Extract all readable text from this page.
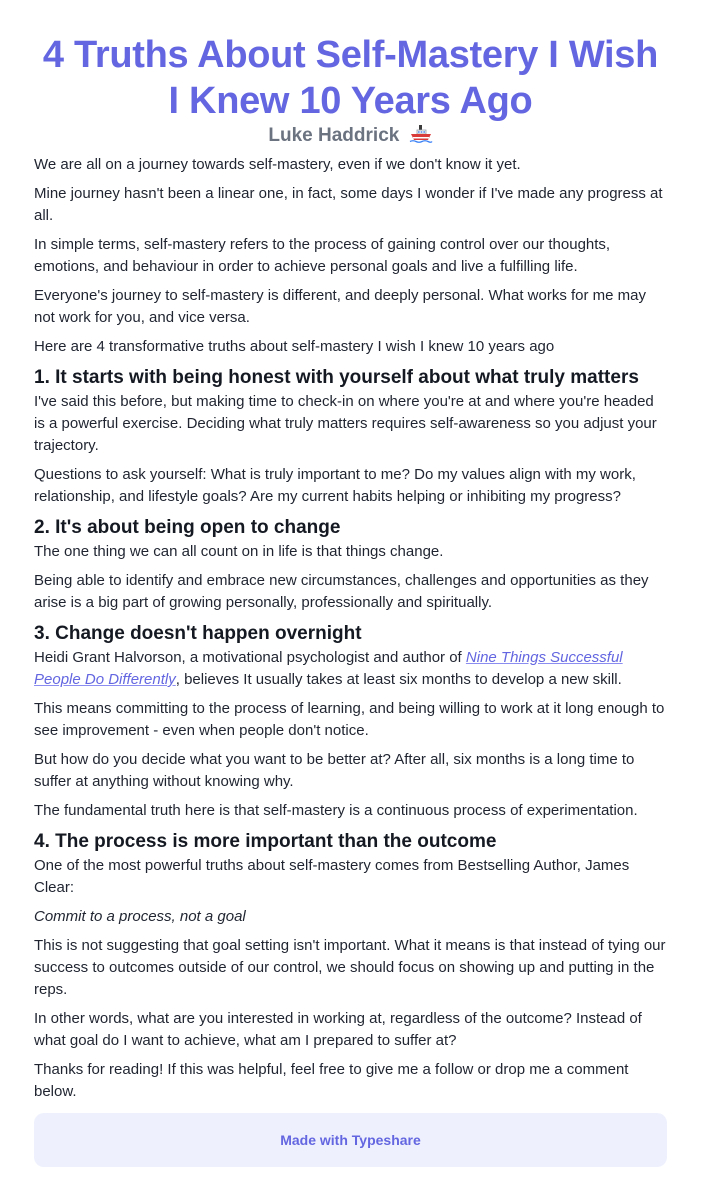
4 Truths About Self-Mastery I Wish I Knew 10 Years Ago
Luke Haddrick

We are all on a journey towards self-mastery, even if we don't know it yet.

Mine journey hasn't been a linear one, in fact, some days I wonder if I've made any progress at all.

In simple terms, self-mastery refers to the process of gaining control over our thoughts, emotions, and behaviour in order to achieve personal goals and live a fulfilling life.

Everyone's journey to self-mastery is different, and deeply personal. What works for me may not work for you, and vice versa.

Here are 4 transformative truths about self-mastery I wish I knew 10 years ago

1. It starts with being honest with yourself about what truly matters

I've said this before, but making time to check-in on where you're at and where you're headed is a powerful exercise. Deciding what truly matters requires self-awareness so you adjust your trajectory.

Questions to ask yourself: What is truly important to me? Do my values align with my work, relationship, and lifestyle goals? Are my current habits helping or inhibiting my progress?

2. It's about being open to change

The one thing we can all count on in life is that things change.

Being able to identify and embrace new circumstances, challenges and opportunities as they arise is a big part of growing personally, professionally and spiritually.

3. Change doesn't happen overnight

Heidi Grant Halvorson, a motivational psychologist and author of Nine Things Successful People Do Differently, believes It usually takes at least six months to develop a new skill.

This means committing to the process of learning, and being willing to work at it long enough to see improvement - even when people don't notice.

But how do you decide what you want to be better at? After all, six months is a long time to suffer at anything without knowing why.

The fundamental truth here is that self-mastery is a continuous process of experimentation.

4. The process is more important than the outcome

One of the most powerful truths about self-mastery comes from Bestselling Author, James Clear:

Commit to a process, not a goal

This is not suggesting that goal setting isn't important. What it means is that instead of tying our success to outcomes outside of our control, we should focus on showing up and putting in the reps.

In other words, what are you interested in working at, regardless of the outcome? Instead of what goal do I want to achieve, what am I prepared to suffer at?

Thanks for reading! If this was helpful, feel free to give me a follow or drop me a comment below.

Made with Typeshare
